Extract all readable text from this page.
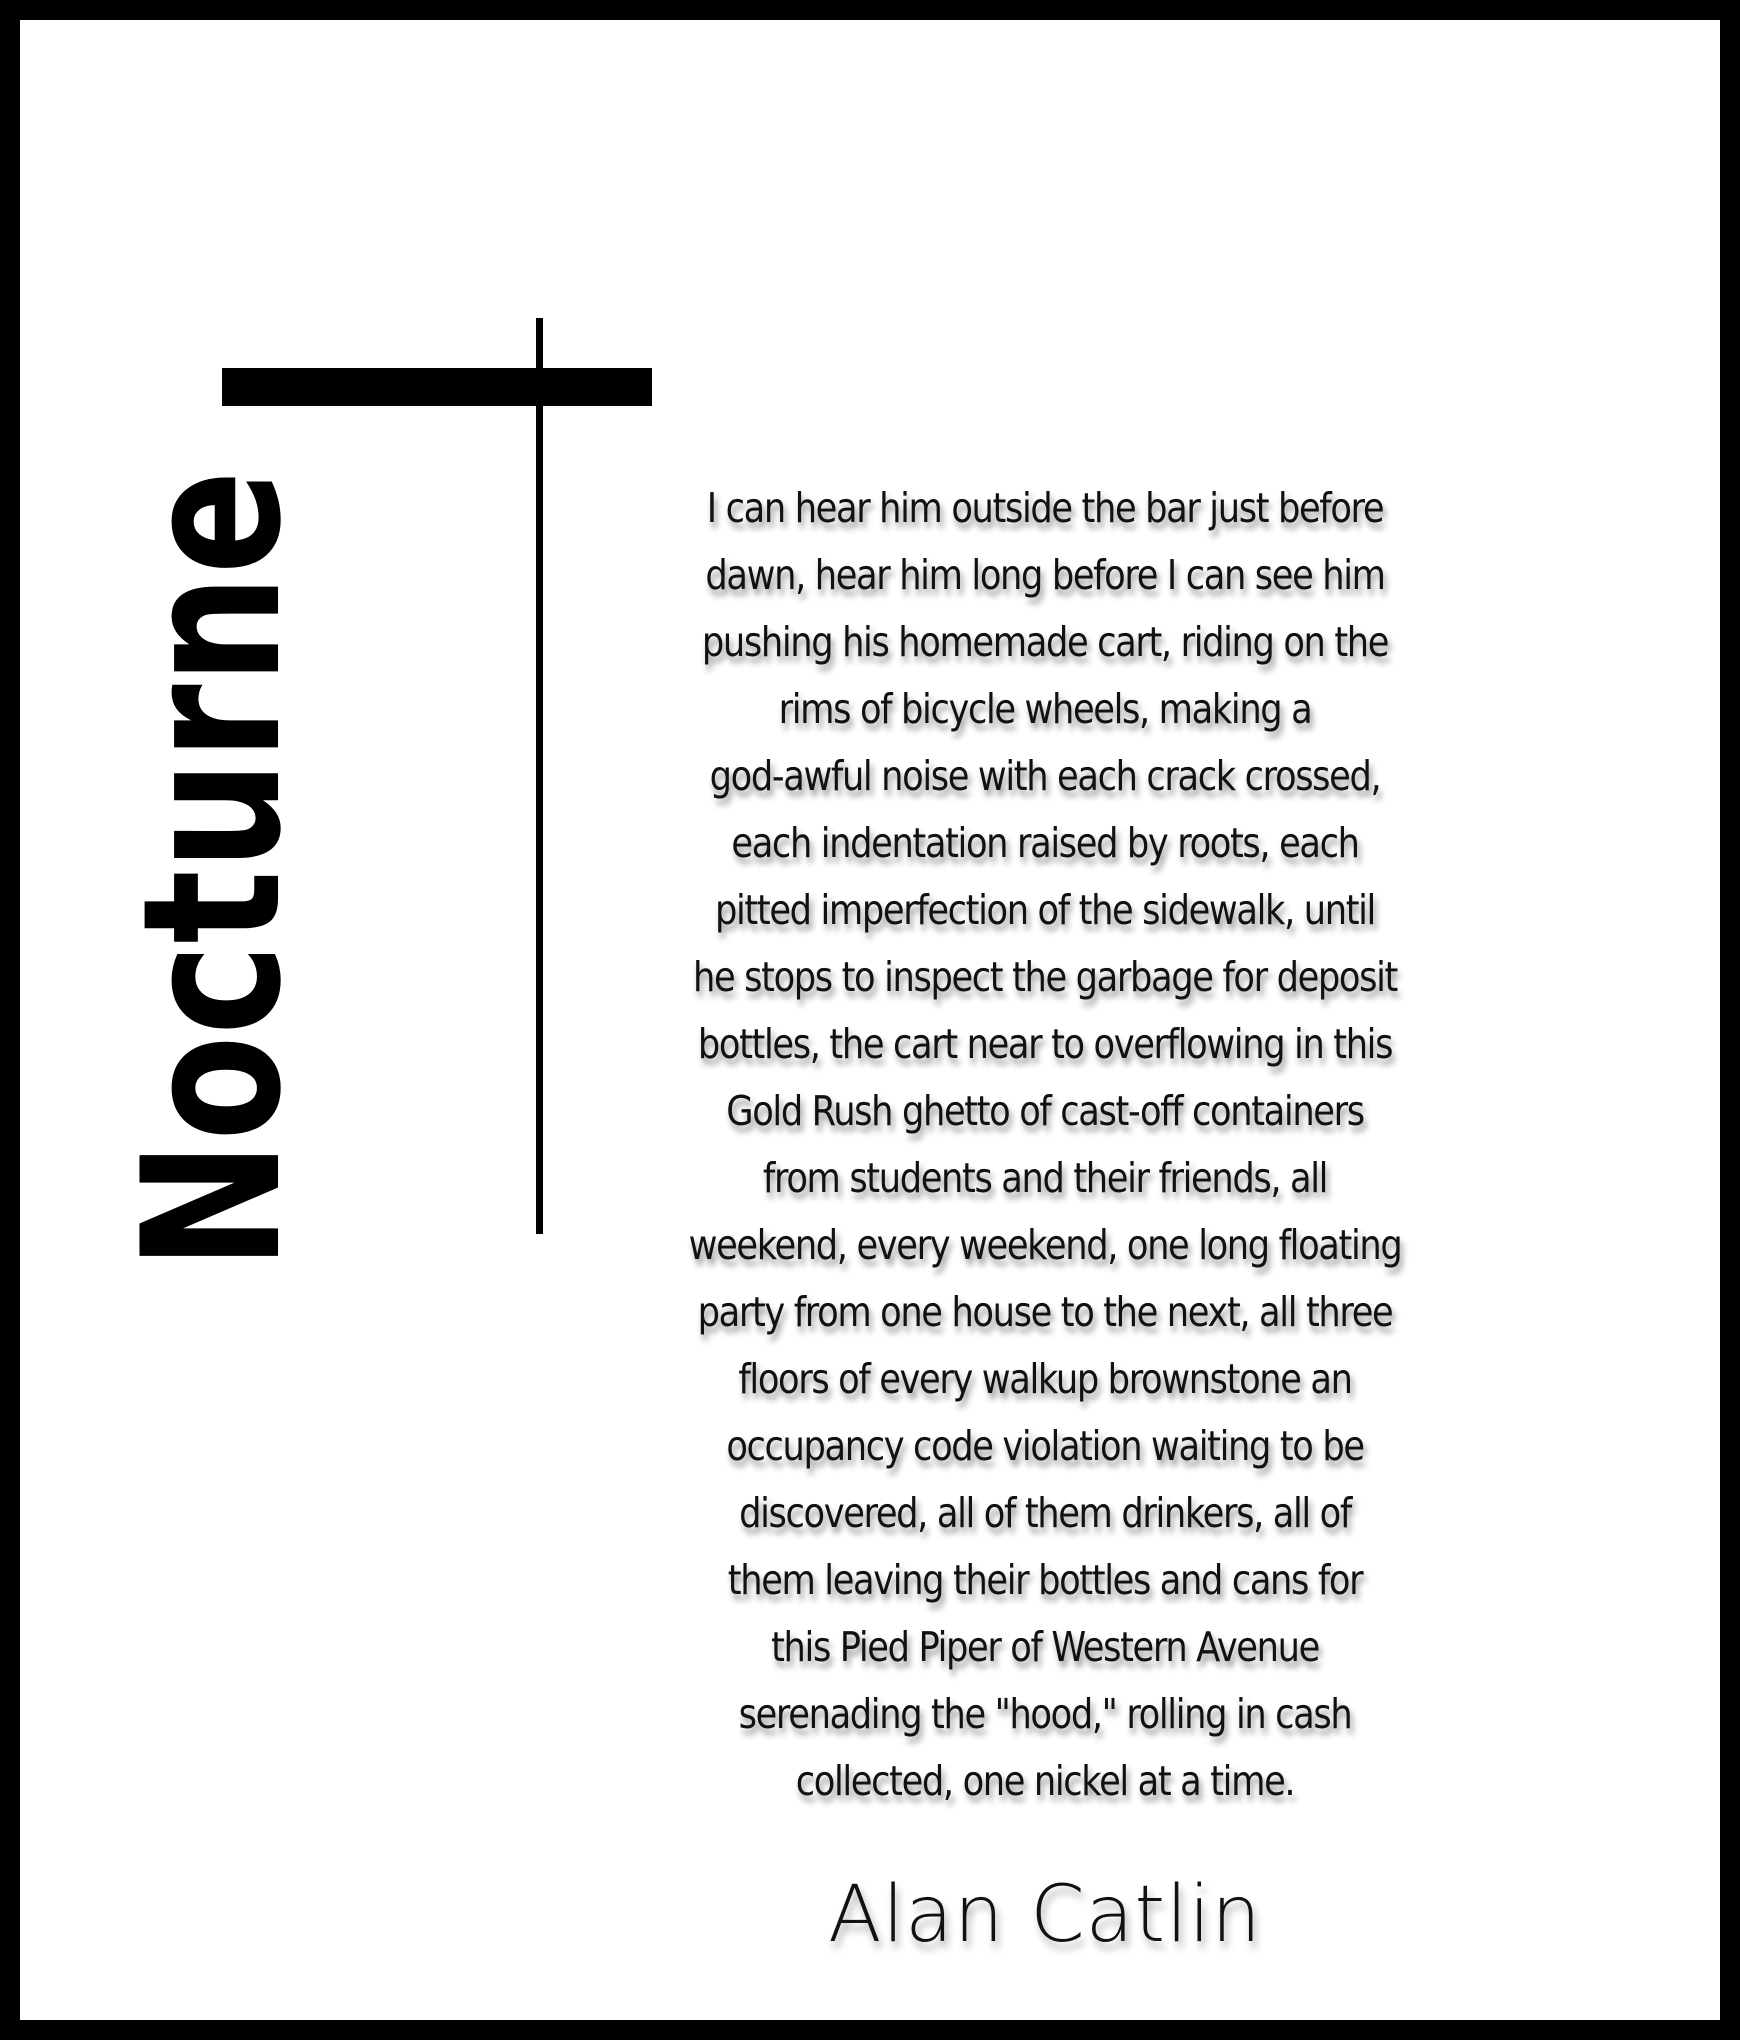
Nocturne	I can hear him outside the bar just before
dawn, hear him long before I can see him
pushing his homemade cart, riding on the
rims of bicycle wheels, making a
god-awful noise with each crack crossed,
each indentation raised by roots, each
pitted imperfection of the sidewalk, until
he stops to inspect the garbage for deposit
bottles, the cart near to overflowing in this
Gold Rush ghetto of cast-off containers
from students and their friends, all
weekend, every weekend, one long floating
party from one house to the next, all three
floors of every walkup brownstone an
occupancy code violation waiting to be
discovered, all of them drinkers, all of
them leaving their bottles and cans for
this Pied Piper of Western Avenue
serenading the "hood," rolling in cash
collected, one nickel at a time.
Alan Catlin
